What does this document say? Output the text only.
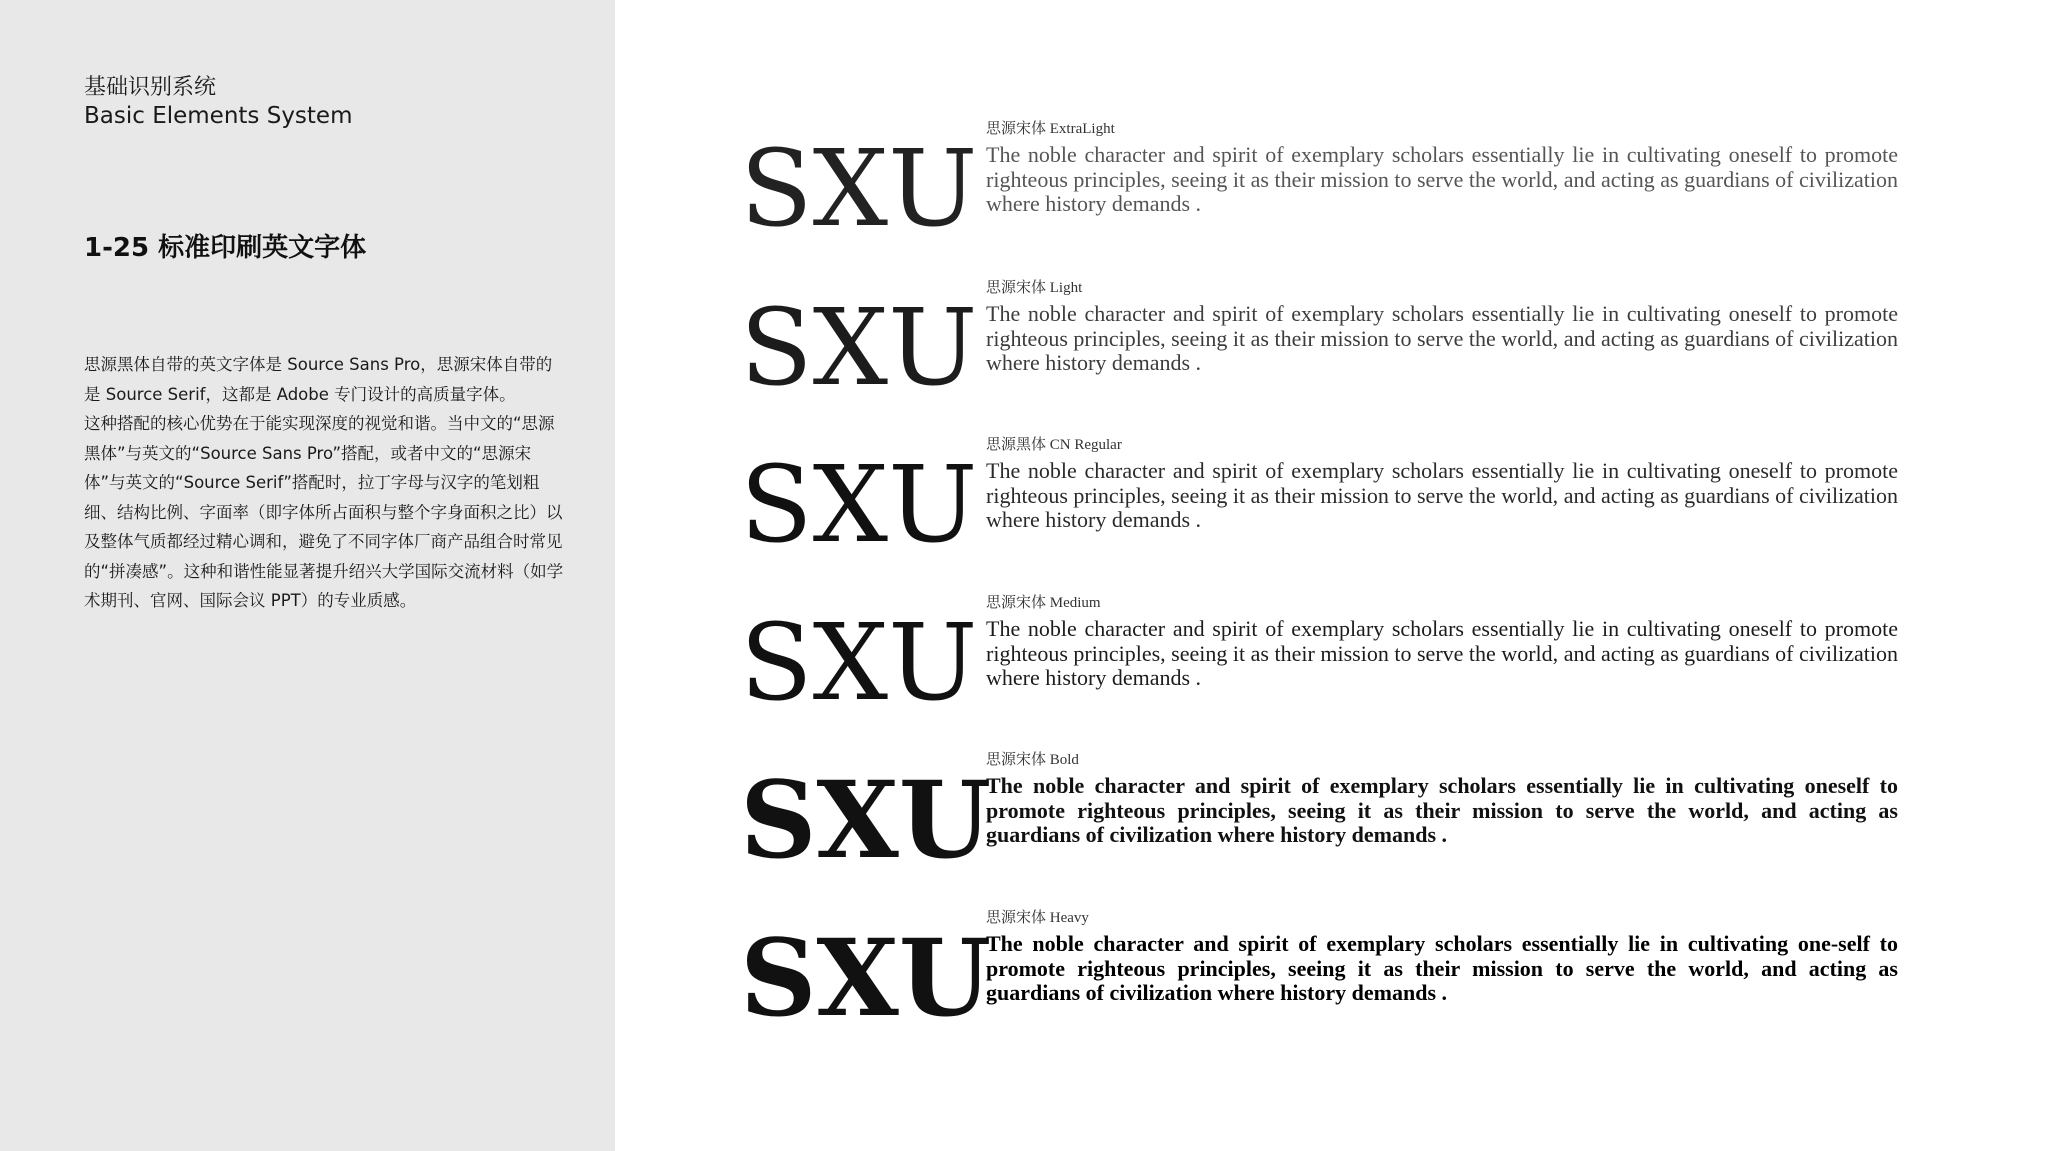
基础识别系统
Basic Elements System
1-25 标准印刷英文字体

思源黑体自带的英文字体是 Source Sans Pro，思源宋体自带的是 Source Serif，这都是 Adobe 专门设计的高质量字体。

这种搭配的核心优势在于能实现深度的视觉和谐。当中文的“思源黑体”与英文的“Source Sans Pro”搭配，或者中文的“思源宋体”与英文的“Source Serif”搭配时，拉丁字母与汉字的笔划粗细、结构比例、字面率（即字体所占面积与整个字身面积之比）以及整体气质都经过精心调和，避免了不同字体厂商产品组合时常见的“拼凑感”。这种和谐性能显著提升绍兴大学国际交流材料（如学术期刊、官网、国际会议 PPT）的专业质感。

SXU 思源宋体 ExtraLight
The noble character and spirit of exemplary scholars essentially lie in cultivating oneself to promote righteous principles, seeing it as their mission to serve the world, and acting as guardians of civilization where history demands .
SXU 思源宋体 Light
The noble character and spirit of exemplary scholars essentially lie in cultivating oneself to promote righteous principles, seeing it as their mission to serve the world, and acting as guardians of civilization where history demands .
SXU 思源黑体 CN Regular
The noble character and spirit of exemplary scholars essentially lie in cultivating oneself to promote righteous principles, seeing it as their mission to serve the world, and acting as guardians of civilization where history demands .
SXU 思源宋体 Medium
The noble character and spirit of exemplary scholars essentially lie in cultivating oneself to promote righteous principles, seeing it as their mission to serve the world, and acting as guardians of civilization where history demands .
SXU
思源宋体 Bold
The noble character and spirit of exemplary scholars essentially lie in cultivating oneself to promote righteous principles, seeing it as their mission to serve the world, and acting as guardians of civilization where history demands .
SXU
思源宋体 Heavy
The noble character and spirit of exemplary scholars essentially lie in cultivating one-self to promote righteous principles, seeing it as their mission to serve the world, and acting as guardians of civilization where history demands .
